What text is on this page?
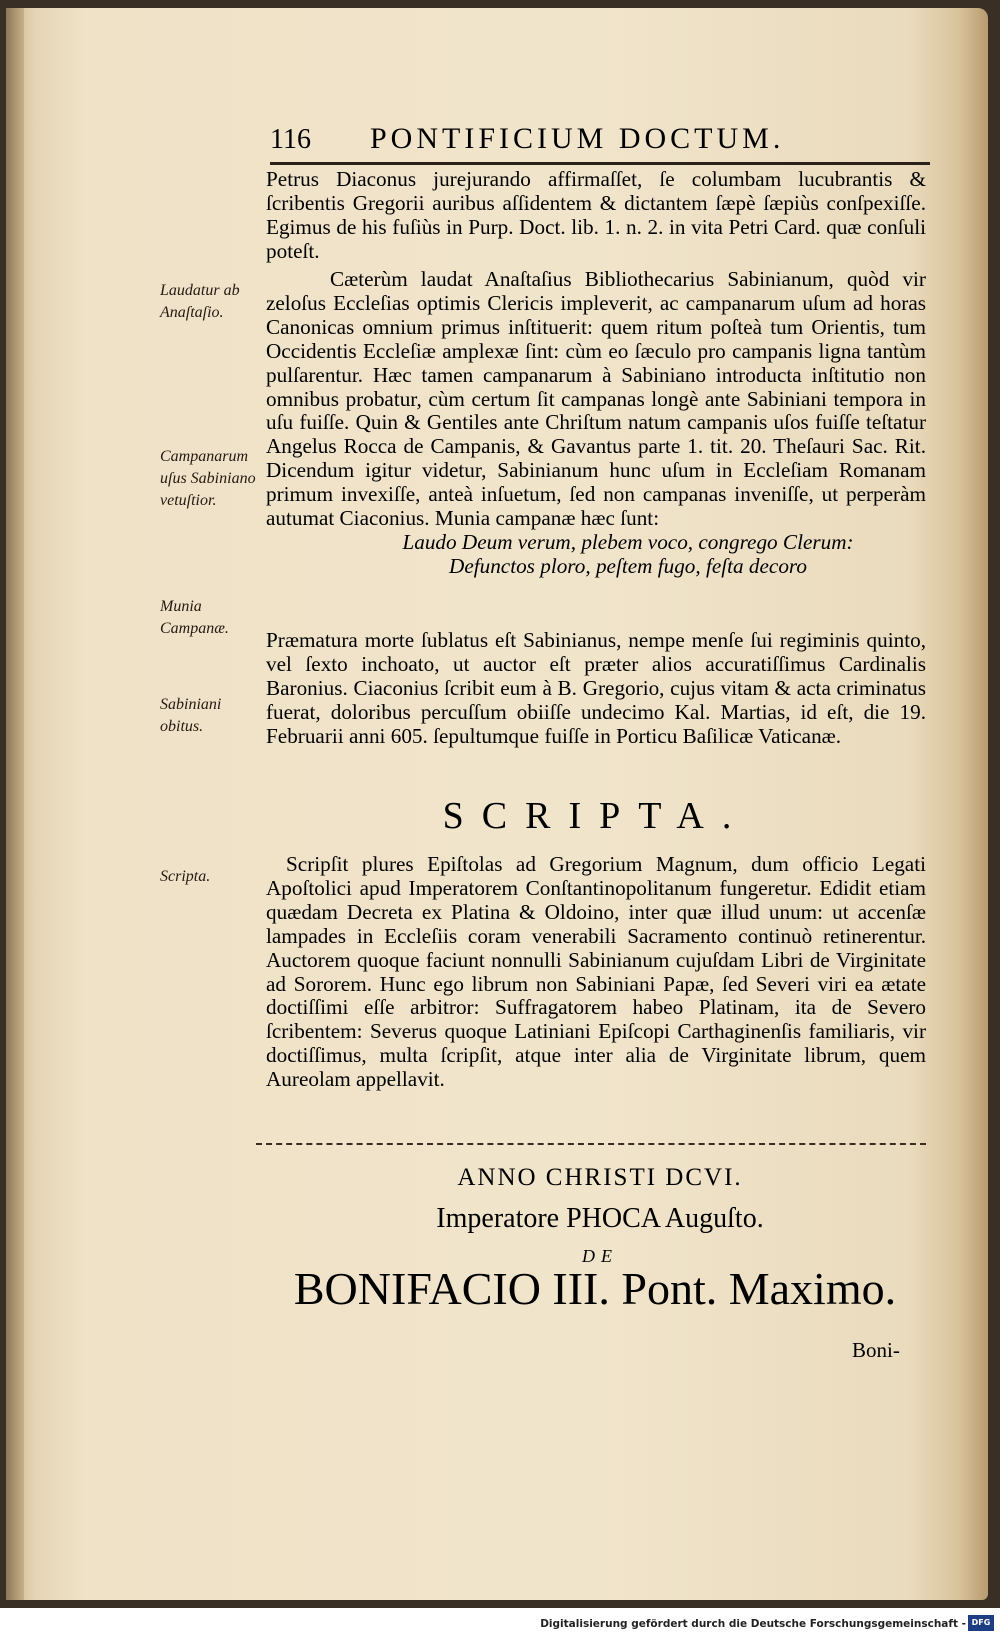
116 PONTIFICIUM DOCTUM.
Petrus Diaconus jurejurando affirmaſſet, ſe columbam lucubrantis & ſcribentis Gregorii auribus aſſidentem & dictantem ſæpè ſæpiùs conſpexiſſe. Egimus de his fuſiùs in Purp. Doct. lib. 1. n. 2. in vita Petri Card. quæ conſuli poteſt.
Cæterùm laudat Anaſtaſius Bibliothecarius Sabinianum, quòd vir zeloſus Eccleſias optimis Clericis impleverit, ac campanarum uſum ad horas Canonicas omnium primus inſtituerit: quem ritum poſteà tum Orientis, tum Occidentis Eccleſiæ amplexæ ſint: cùm eo ſæculo pro campanis ligna tantùm pulſarentur. Hæc tamen campanarum à Sabiniano introducta inſtitutio non omnibus probatur, cùm certum ſit campanas longè ante Sabiniani tempora in uſu fuiſſe. Quin & Gentiles ante Chriſtum natum campanis uſos fuiſſe teſtatur Angelus Rocca de Campanis, & Gavantus parte 1. tit. 20. Theſauri Sac. Rit. Dicendum igitur videtur, Sabinianum hunc uſum in Eccleſiam Romanam primum invexiſſe, anteà inſuetum, ſed non campanas inveniſſe, ut perperàm autumat Ciaconius. Munia campanæ hæc ſunt:
Laudo Deum verum, plebem voco, congrego Clerum:
Defunctos ploro, peſtem fugo, feſta decoro
Præmatura morte ſublatus eſt Sabinianus, nempe menſe ſui regiminis quinto, vel ſexto inchoato, ut auctor eſt præter alios accuratiſſimus Cardinalis Baronius. Ciaconius ſcribit eum à B. Gregorio, cujus vitam & acta criminatus fuerat, doloribus percuſſum obiiſſe undecimo Kal. Martias, id eſt, die 19. Februarii anni 605. ſepultumque fuiſſe in Porticu Baſilicæ Vaticanæ.
SCRIPTA.
Scripſit plures Epiſtolas ad Gregorium Magnum, dum officio Legati Apoſtolici apud Imperatorem Conſtantinopolitanum fungeretur. Edidit etiam quædam Decreta ex Platina & Oldoino, inter quæ illud unum: ut accenſæ lampades in Eccleſiis coram venerabili Sacramento continuò retinerentur. Auctorem quoque faciunt nonnulli Sabinianum cujuſdam Libri de Virginitate ad Sororem. Hunc ego librum non Sabiniani Papæ, ſed Severi viri ea ætate doctiſſimi eſſe arbitror: Suffragatorem habeo Platinam, ita de Severo ſcribentem: Severus quoque Latiniani Epiſcopi Carthaginenſis familiaris, vir doctiſſimus, multa ſcripſit, atque inter alia de Virginitate librum, quem Aureolam appellavit.
Laudatur ab Anaſtaſio.
Campanarum uſus Sabiniano vetuſtior.
Munia Campanæ.
Sabiniani obitus.
Scripta.
ANNO CHRISTI DCVI.
Imperatore PHOCA Auguſto.
DE
BONIFACIO III. Pont. Maximo.
Boni-
Digitalisierung gefördert durch die Deutsche Forschungsgemeinschaft - DFG
